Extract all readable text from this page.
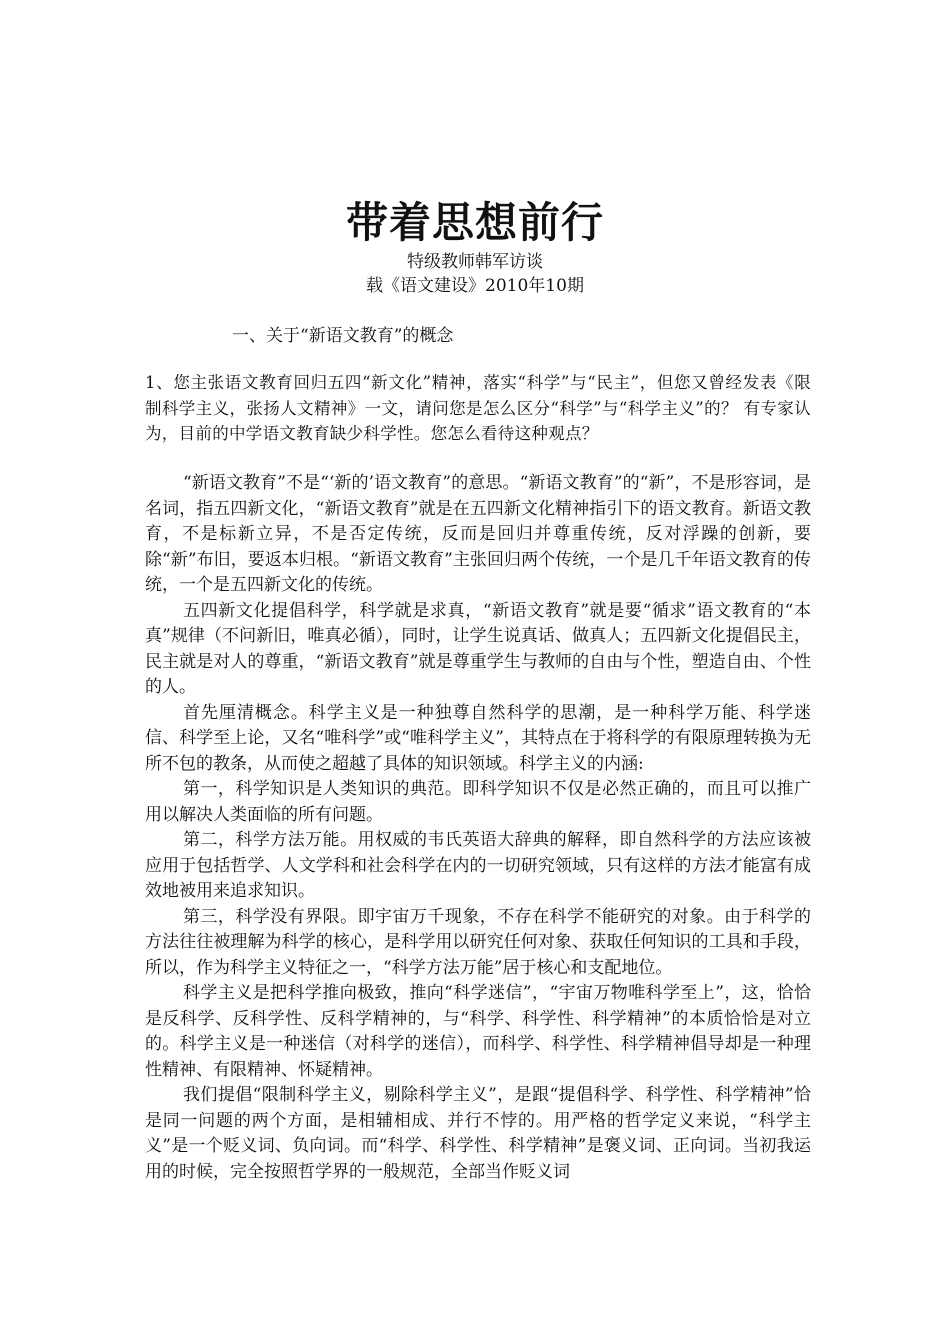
带着思想前行
特级教师韩军访谈
载《语文建设》2010年10期
一、关于“新语文教育”的概念
1、您主张语文教育回归五四“新文化”精神，落实“科学”与“民主”，但您又曾经发表《限制科学主义，张扬人文精神》一文，请问您是怎么区分“科学”与“科学主义”的？ 有专家认为，目前的中学语文教育缺少科学性。您怎么看待这种观点？

“新语文教育”不是“‘新的’语文教育”的意思。“新语文教育”的“新”，不是形容词，是名词，指五四新文化，“新语文教育”就是在五四新文化精神指引下的语文教育。新语文教育，不是标新立异，不是否定传统，反而是回归并尊重传统，反对浮躁的创新，要除“新”布旧，要返本归根。“新语文教育”主张回归两个传统，一个是几千年语文教育的传统，一个是五四新文化的传统。

五四新文化提倡科学，科学就是求真，“新语文教育”就是要“循求”语文教育的“本真”规律（不问新旧，唯真必循），同时，让学生说真话、做真人；五四新文化提倡民主，民主就是对人的尊重，“新语文教育”就是尊重学生与教师的自由与个性，塑造自由、个性的人。

首先厘清概念。科学主义是一种独尊自然科学的思潮，是一种科学万能、科学迷信、科学至上论，又名“唯科学”或“唯科学主义”，其特点在于将科学的有限原理转换为无所不包的教条，从而使之超越了具体的知识领域。科学主义的内涵:

第一，科学知识是人类知识的典范。即科学知识不仅是必然正确的，而且可以推广用以解决人类面临的所有问题。

第二，科学方法万能。用权威的韦氏英语大辞典的解释，即自然科学的方法应该被应用于包括哲学、人文学科和社会科学在内的一切研究领域，只有这样的方法才能富有成效地被用来追求知识。

第三，科学没有界限。即宇宙万千现象，不存在科学不能研究的对象。由于科学的方法往往被理解为科学的核心，是科学用以研究任何对象、获取任何知识的工具和手段，所以，作为科学主义特征之一，“科学方法万能”居于核心和支配地位。

科学主义是把科学推向极致，推向“科学迷信”，“宇宙万物唯科学至上”，这，恰恰是反科学、反科学性、反科学精神的，与“科学、科学性、科学精神”的本质恰恰是对立的。科学主义是一种迷信（对科学的迷信），而科学、科学性、科学精神倡导却是一种理性精神、有限精神、怀疑精神。

我们提倡“限制科学主义，剔除科学主义”，是跟“提倡科学、科学性、科学精神”恰是同一问题的两个方面，是相辅相成、并行不悖的。用严格的哲学定义来说，“科学主义”是一个贬义词、负向词。而“科学、科学性、科学精神”是褒义词、正向词。当初我运用的时候，完全按照哲学界的一般规范，全部当作贬义词
